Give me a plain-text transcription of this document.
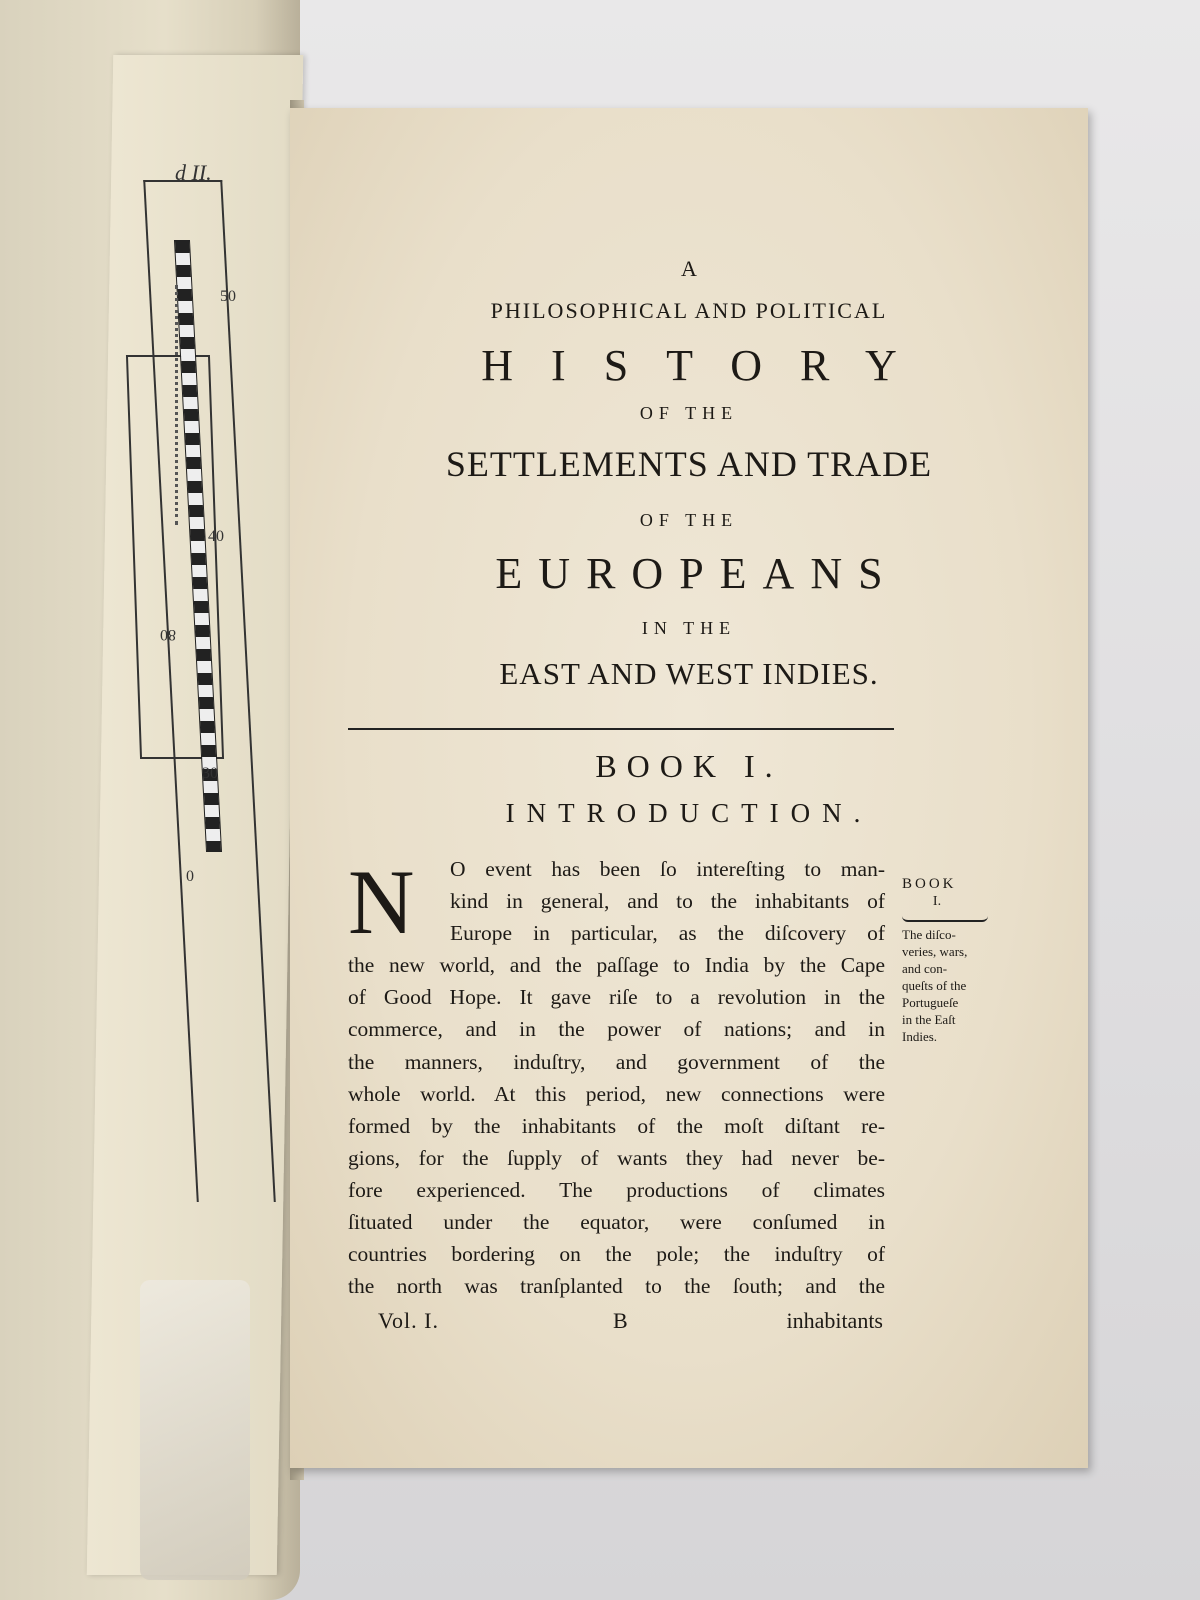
d II.
50
40
80
30
0

A
PHILOSOPHICAL AND POLITICAL
HISTORY
OF THE
SETTLEMENTS AND TRADE
OF THE
EUROPEANS
IN THE
EAST AND WEST INDIES.
BOOK I.
INTRODUCTION.
N	O event has been ſo intereſting to man-
kind in general, and to the inhabitants of
Europe in particular, as the diſcovery of
the new world, and the paſſage to India by the Cape
of Good Hope. It gave riſe to a revolution in the
commerce, and in the power of nations; and in
the manners, induſtry, and government of the
whole world. At this period, new connections were
formed by the inhabitants of the moſt diſtant re-
gions, for the ſupply of wants they had never be-
fore experienced. The productions of climates
ſituated under the equator, were conſumed in
countries bordering on the pole; the induſtry of
the north was tranſplanted to the ſouth; and the
BOOK
I.
The diſco-
veries, wars,
and con-
queſts of the
Portugueſe
in the Eaſt
Indies.
Vol. I.	B	inhabitants
